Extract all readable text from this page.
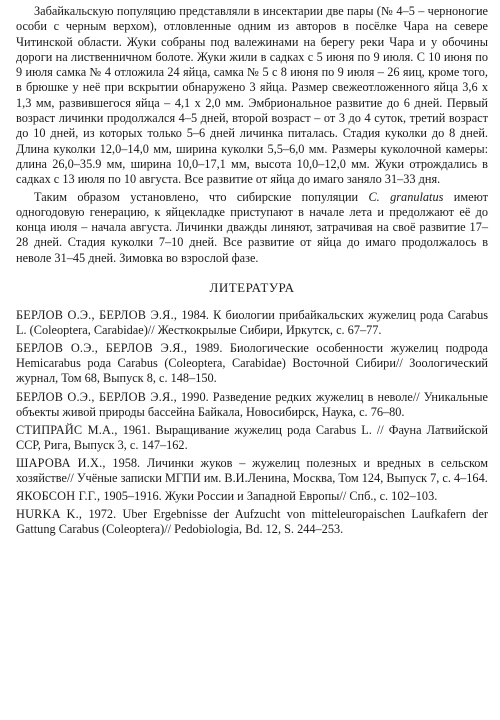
Забайкальскую популяцию представляли в инсектарии две пары (№ 4–5 – черноногие особи с черным верхом), отловленные одним из авторов в посёлке Чара на севере Читинской области. Жуки собраны под валежинами на берегу реки Чара и у обочины дороги на лиственничном болоте. Жуки жили в садках с 5 июня по 9 июля. С 10 июня по 9 июля самка № 4 отложила 24 яйца, самка № 5 с 8 июня по 9 июля – 26 яиц, кроме того, в брюшке у неё при вскрытии обнаружено 3 яйца. Размер свежеотложенного яйца 3,6 x 1,3 мм, развившегося яйца – 4,1 x 2,0 мм. Эмбриональное развитие до 6 дней. Первый возраст личинки продолжался 4–5 дней, второй возраст – от 3 до 4 суток, третий возраст до 10 дней, из которых только 5–6 дней личинка питалась. Стадия куколки до 8 дней. Длина куколки 12,0–14,0 мм, ширина куколки 5,5–6,0 мм. Размеры куколочной камеры: длина 26,0–35.9 мм, ширина 10,0–17,1 мм, высота 10,0–12,0 мм. Жуки отрождались в садках с 13 июля по 10 августа. Все развитие от яйца до имаго заняло 31–33 дня.

Таким образом установлено, что сибирские популяции C. granulatus имеют одногодовую генерацию, к яйцекладке приступают в начале лета и предолжают её до конца июля – начала августа. Личинки дважды линяют, затрачивая на своё развитие 17–28 дней. Стадия куколки 7–10 дней. Все развитие от яйца до имаго продолжалось в неволе 31–45 дней. Зимовка во взрослой фазе.

ЛИТЕРАТУРА
БЕРЛОВ О.Э., БЕРЛОВ Э.Я., 1984. К биологии прибайкальских жужелиц рода Carabus L. (Coleoptera, Carabidae)// Жесткокрылые Сибири, Иркутск, с. 67–77.
БЕРЛОВ О.Э., БЕРЛОВ Э.Я., 1989. Биологические особенности жужелиц подрода Hemicarabus рода Carabus (Coleoptera, Carabidae) Восточной Сибири// Зоологический журнал, Том 68, Выпуск 8, с. 148–150.
БЕРЛОВ О.Э., БЕРЛОВ Э.Я., 1990. Разведение редких жужелиц в неволе// Уникальные объекты живой природы бассейна Байкала, Новосибирск, Наука, с. 76–80.
СТИПРАЙС М.А., 1961. Выращивание жужелиц рода Carabus L. // Фауна Латвийской ССР, Рига, Выпуск 3, с. 147–162.
ШАРОВА И.Х., 1958. Личинки жуков – жужелиц полезных и вредных в сельском хозяйстве// Учёные записки МГПИ им. В.И.Ленина, Москва, Том 124, Выпуск 7, с. 4–164.
ЯКОБСОН Г.Г., 1905–1916. Жуки России и Западной Европы// Спб., с. 102–103.
HURKA K., 1972. Uber Ergebnisse der Aufzucht von mitteleuropaischen Laufkafern der Gattung Carabus (Coleoptera)// Pedobiologia, Bd. 12, S. 244–253.
